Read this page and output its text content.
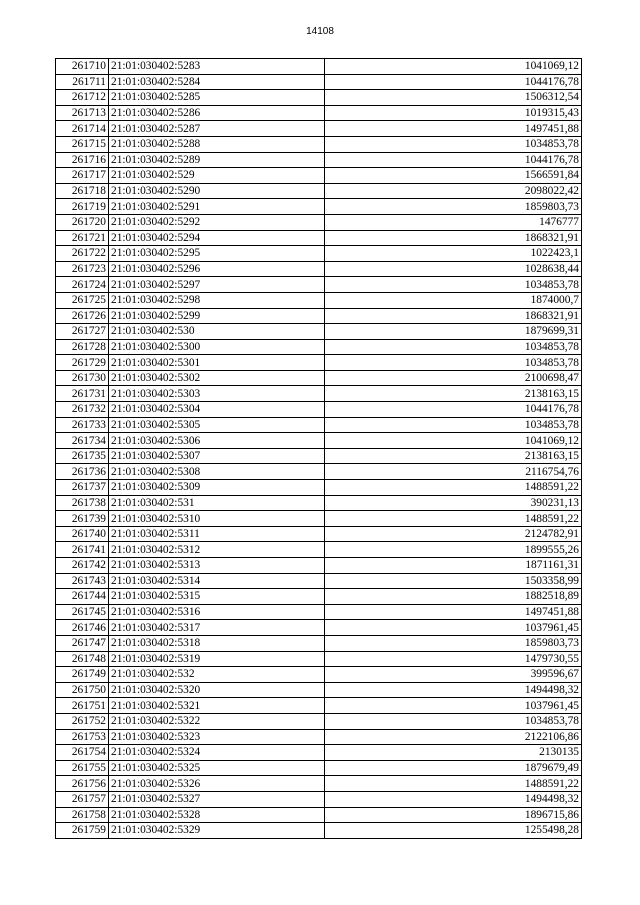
14108
261710	21:01:030402:5283	1041069,12
261711	21:01:030402:5284	1044176,78
261712	21:01:030402:5285	1506312,54
261713	21:01:030402:5286	1019315,43
261714	21:01:030402:5287	1497451,88
261715	21:01:030402:5288	1034853,78
261716	21:01:030402:5289	1044176,78
261717	21:01:030402:529	1566591,84
261718	21:01:030402:5290	2098022,42
261719	21:01:030402:5291	1859803,73
261720	21:01:030402:5292	1476777
261721	21:01:030402:5294	1868321,91
261722	21:01:030402:5295	1022423,1
261723	21:01:030402:5296	1028638,44
261724	21:01:030402:5297	1034853,78
261725	21:01:030402:5298	1874000,7
261726	21:01:030402:5299	1868321,91
261727	21:01:030402:530	1879699,31
261728	21:01:030402:5300	1034853,78
261729	21:01:030402:5301	1034853,78
261730	21:01:030402:5302	2100698,47
261731	21:01:030402:5303	2138163,15
261732	21:01:030402:5304	1044176,78
261733	21:01:030402:5305	1034853,78
261734	21:01:030402:5306	1041069,12
261735	21:01:030402:5307	2138163,15
261736	21:01:030402:5308	2116754,76
261737	21:01:030402:5309	1488591,22
261738	21:01:030402:531	390231,13
261739	21:01:030402:5310	1488591,22
261740	21:01:030402:5311	2124782,91
261741	21:01:030402:5312	1899555,26
261742	21:01:030402:5313	1871161,31
261743	21:01:030402:5314	1503358,99
261744	21:01:030402:5315	1882518,89
261745	21:01:030402:5316	1497451,88
261746	21:01:030402:5317	1037961,45
261747	21:01:030402:5318	1859803,73
261748	21:01:030402:5319	1479730,55
261749	21:01:030402:532	399596,67
261750	21:01:030402:5320	1494498,32
261751	21:01:030402:5321	1037961,45
261752	21:01:030402:5322	1034853,78
261753	21:01:030402:5323	2122106,86
261754	21:01:030402:5324	2130135
261755	21:01:030402:5325	1879679,49
261756	21:01:030402:5326	1488591,22
261757	21:01:030402:5327	1494498,32
261758	21:01:030402:5328	1896715,86
261759	21:01:030402:5329	1255498,28
